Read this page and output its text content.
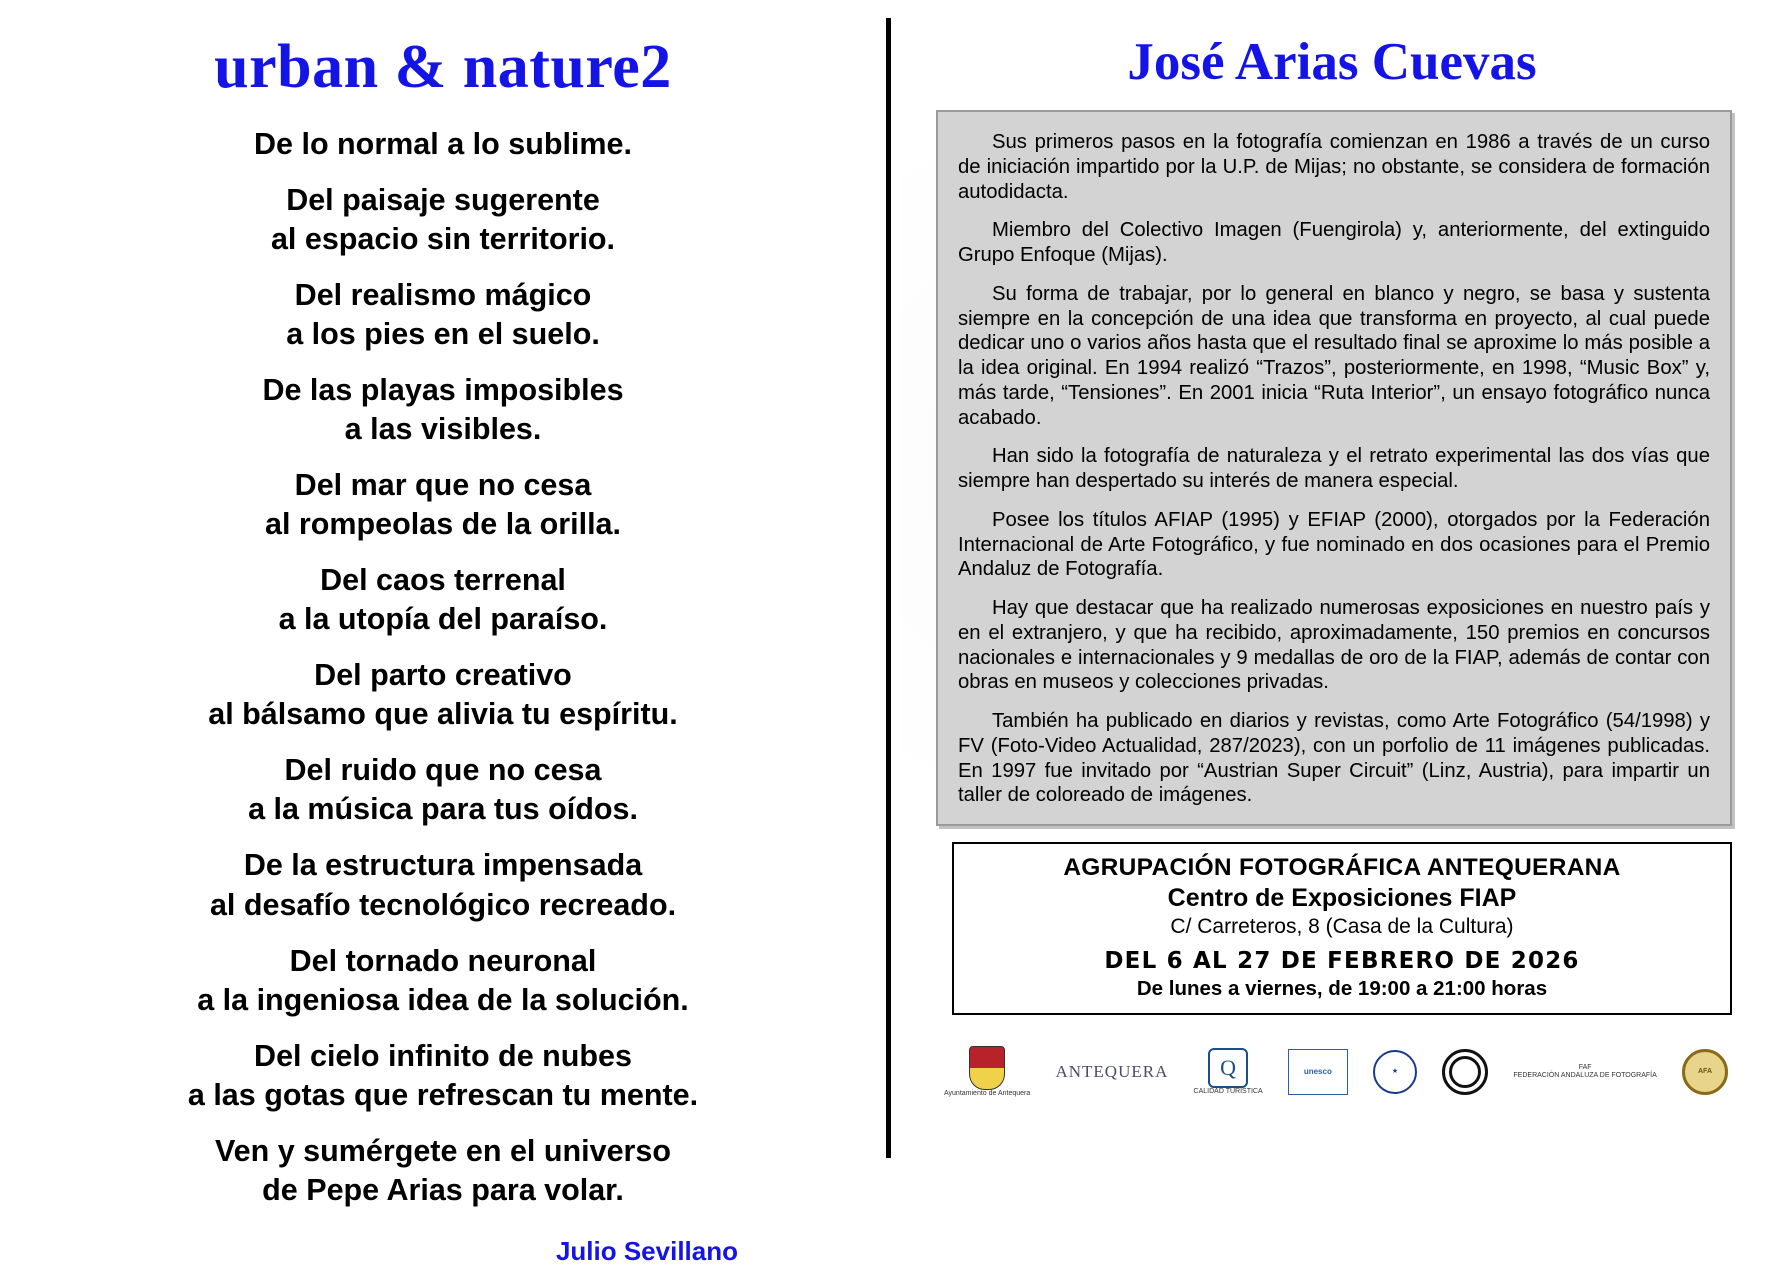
urban & nature2
De lo normal a lo sublime.
Del paisaje sugerente
al espacio sin territorio.
Del realismo mágico
a los pies en el suelo.
De las playas imposibles
a las visibles.
Del mar que no cesa
al rompeolas de la orilla.
Del caos terrenal
a la utopía del paraíso.
Del parto creativo
al bálsamo que alivia tu espíritu.
Del ruido que no cesa
a la música para tus oídos.
De la estructura impensada
al desafío tecnológico recreado.
Del tornado neuronal
a la ingeniosa idea de la solución.
Del cielo infinito de nubes
a las gotas que refrescan tu mente.
Ven y sumérgete en el universo
de Pepe Arias para volar.
Julio Sevillano
José Arias Cuevas

Sus primeros pasos en la fotografía comienzan en 1986 a través de un curso de iniciación impartido por la U.P. de Mijas; no obstante, se considera de formación autodidacta.

Miembro del Colectivo Imagen (Fuengirola) y, anteriormente, del extinguido Grupo Enfoque (Mijas).

Su forma de trabajar, por lo general en blanco y negro, se basa y sustenta siempre en la concepción de una idea que transforma en proyecto, al cual puede dedicar uno o varios años hasta que el resultado final se aproxime lo más posible a la idea original. En 1994 realizó “Trazos”, posteriormente, en 1998, “Music Box” y, más tarde, “Tensiones”. En 2001 inicia “Ruta Interior”, un ensayo fotográfico nunca acabado.

Han sido la fotografía de naturaleza y el retrato experimental las dos vías que siempre han despertado su interés de manera especial.

Posee los títulos AFIAP (1995) y EFIAP (2000), otorgados por la Federación Internacional de Arte Fotográfico, y fue nominado en dos ocasiones para el Premio Andaluz de Fotografía.

Hay que destacar que ha realizado numerosas exposiciones en nuestro país y en el extranjero, y que ha recibido, aproximadamente, 150 premios en concursos nacionales e internacionales y 9 medallas de oro de la FIAP, además de contar con obras en museos y colecciones privadas.

También ha publicado en diarios y revistas, como Arte Fotográfico (54/1998) y FV (Foto-Video Actualidad, 287/2023), con un porfolio de 11 imágenes publicadas. En 1997 fue invitado por “Austrian Super Circuit” (Linz, Austria), para impartir un taller de coloreado de imágenes.

AGRUPACIÓN FOTOGRÁFICA ANTEQUERANA
Centro de Exposiciones FIAP
C/ Carreteros, 8 (Casa de la Cultura)
DEL 6 AL 27 DE FEBRERO DE 2026
De lunes a viernes, de 19:00 a 21:00 horas
Ayuntamiento de Antequera
ANTEQUERA	Q
CALIDAD TURÍSTICA
unesco	★
FAF
FEDERACIÓN ANDALUZA DE FOTOGRAFÍA
AFA
